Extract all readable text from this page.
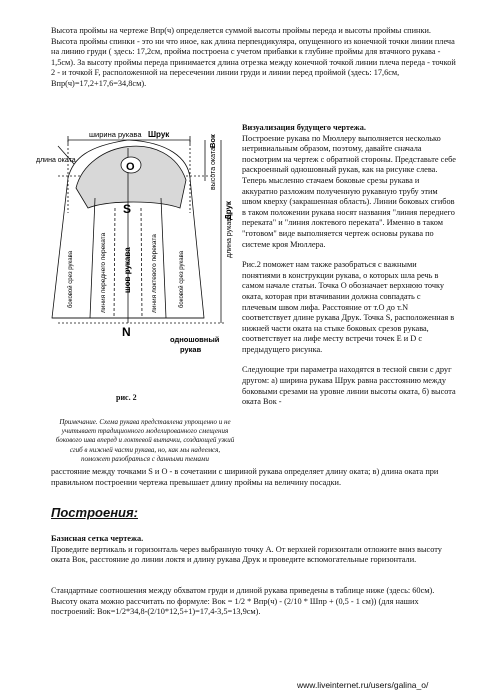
Высота проймы на чертеже Впр(ч) определяется суммой высоты проймы переда и высоты проймы спинки. Высота проймы спинки - это ни что иное, как длина перпендикуляра, опущенного из конечной точки линии плеча на линию груди ( здесь: 17,2см, пройма построена с учетом прибавки к глубине проймы для втачного рукава - 1,5см). За высоту проймы переда принимается длина отрезка между конечной точкой линии плеча переда - точкой 2 - и точкой F, расположенной на пересечении линии груди и линии перед проймой (здесь: 17,6см, Впр(ч)=17,2+17,6=34,8см).
ширина рукава Шрук
длина оката
О
S
N
высота оката
Вок
длина рукава
Друк
линия переднего переката	линия локтевого переката
шов рукава
боковой срез рукава	боковой срез рукава
одношовный
рукав
рис. 2
Примечание. Схема рукава представлена упрощенно и не учитывает традиционного моделированного смещения бокового шва вперед и локтевой вытачки, создающей узкий сгиб в нижней части рукава, но, как мы надеемся, поможет разобраться с данными темами

Визуализация будущего чертежа.

Построение рукава по Мюллеру выполняется несколько нетривиальным образом, поэтому, давайте сначала посмотрим на чертеж с обратной стороны. Представьте себе раскроенный одношовный рукав, как на рисунке слева. Теперь мысленно стачаем боковые срезы рукава и аккуратно разложим полученную рукавную трубу этим швом кверху (закрашенная область). Линии боковых сгибов в таком положении рукава носят названия "линия переднего переката" и "линия локтевого переката". Именно в таком "готовом" виде выполняется чертеж основы рукава по системе кроя Мюллера.

Рис.2 поможет нам также разобраться с важными понятиями в конструкции рукава, о которых шла речь в самом начале статьи. Точка О обозначает верхнюю точку оката, которая при втачивании должна совпадать с плечевым швом лифа. Расстояние от т.О до т.N соответствует длине рукава Друк. Точка S, расположенная в нижней части оката на стыке боковых срезов рукава, соответствует на лифе месту встречи точек Е и D с предыдущего рисунка.

Следующие три параметра находятся в тесной связи с друг другом: а) ширина рукава Шрук равна расстоянию между боковыми срезами на уровне линии высоты оката, б) высота оката Вок -

расстояние между точками S и О - в сочетании с шириной рукава определяет длину оката; в) длина оката при правильном построении чертежа превышает длину проймы на величину посадки.
Построения:
Базисная сетка чертежа.
Проведите вертикаль и горизонталь через выбранную точку А. От верхней горизонтали отложите вниз высоту оката Вок, расстояние до линии локтя и длину рукава Друк и проведите вспомогательные горизонтали.
Стандартные соотношения между обхватом груди и длиной рукава приведены в таблице ниже (здесь: 60см). Высоту оката можно рассчитать по формуле: Вок = 1/2 * Впр(ч) - (2/10 * Шпр + (0,5 - 1 см)) (для наших построений: Вок=1/2*34,8-(2/10*12,5+1)=17,4-3,5=13,9см).
www.liveinternet.ru/users/galina_o/
